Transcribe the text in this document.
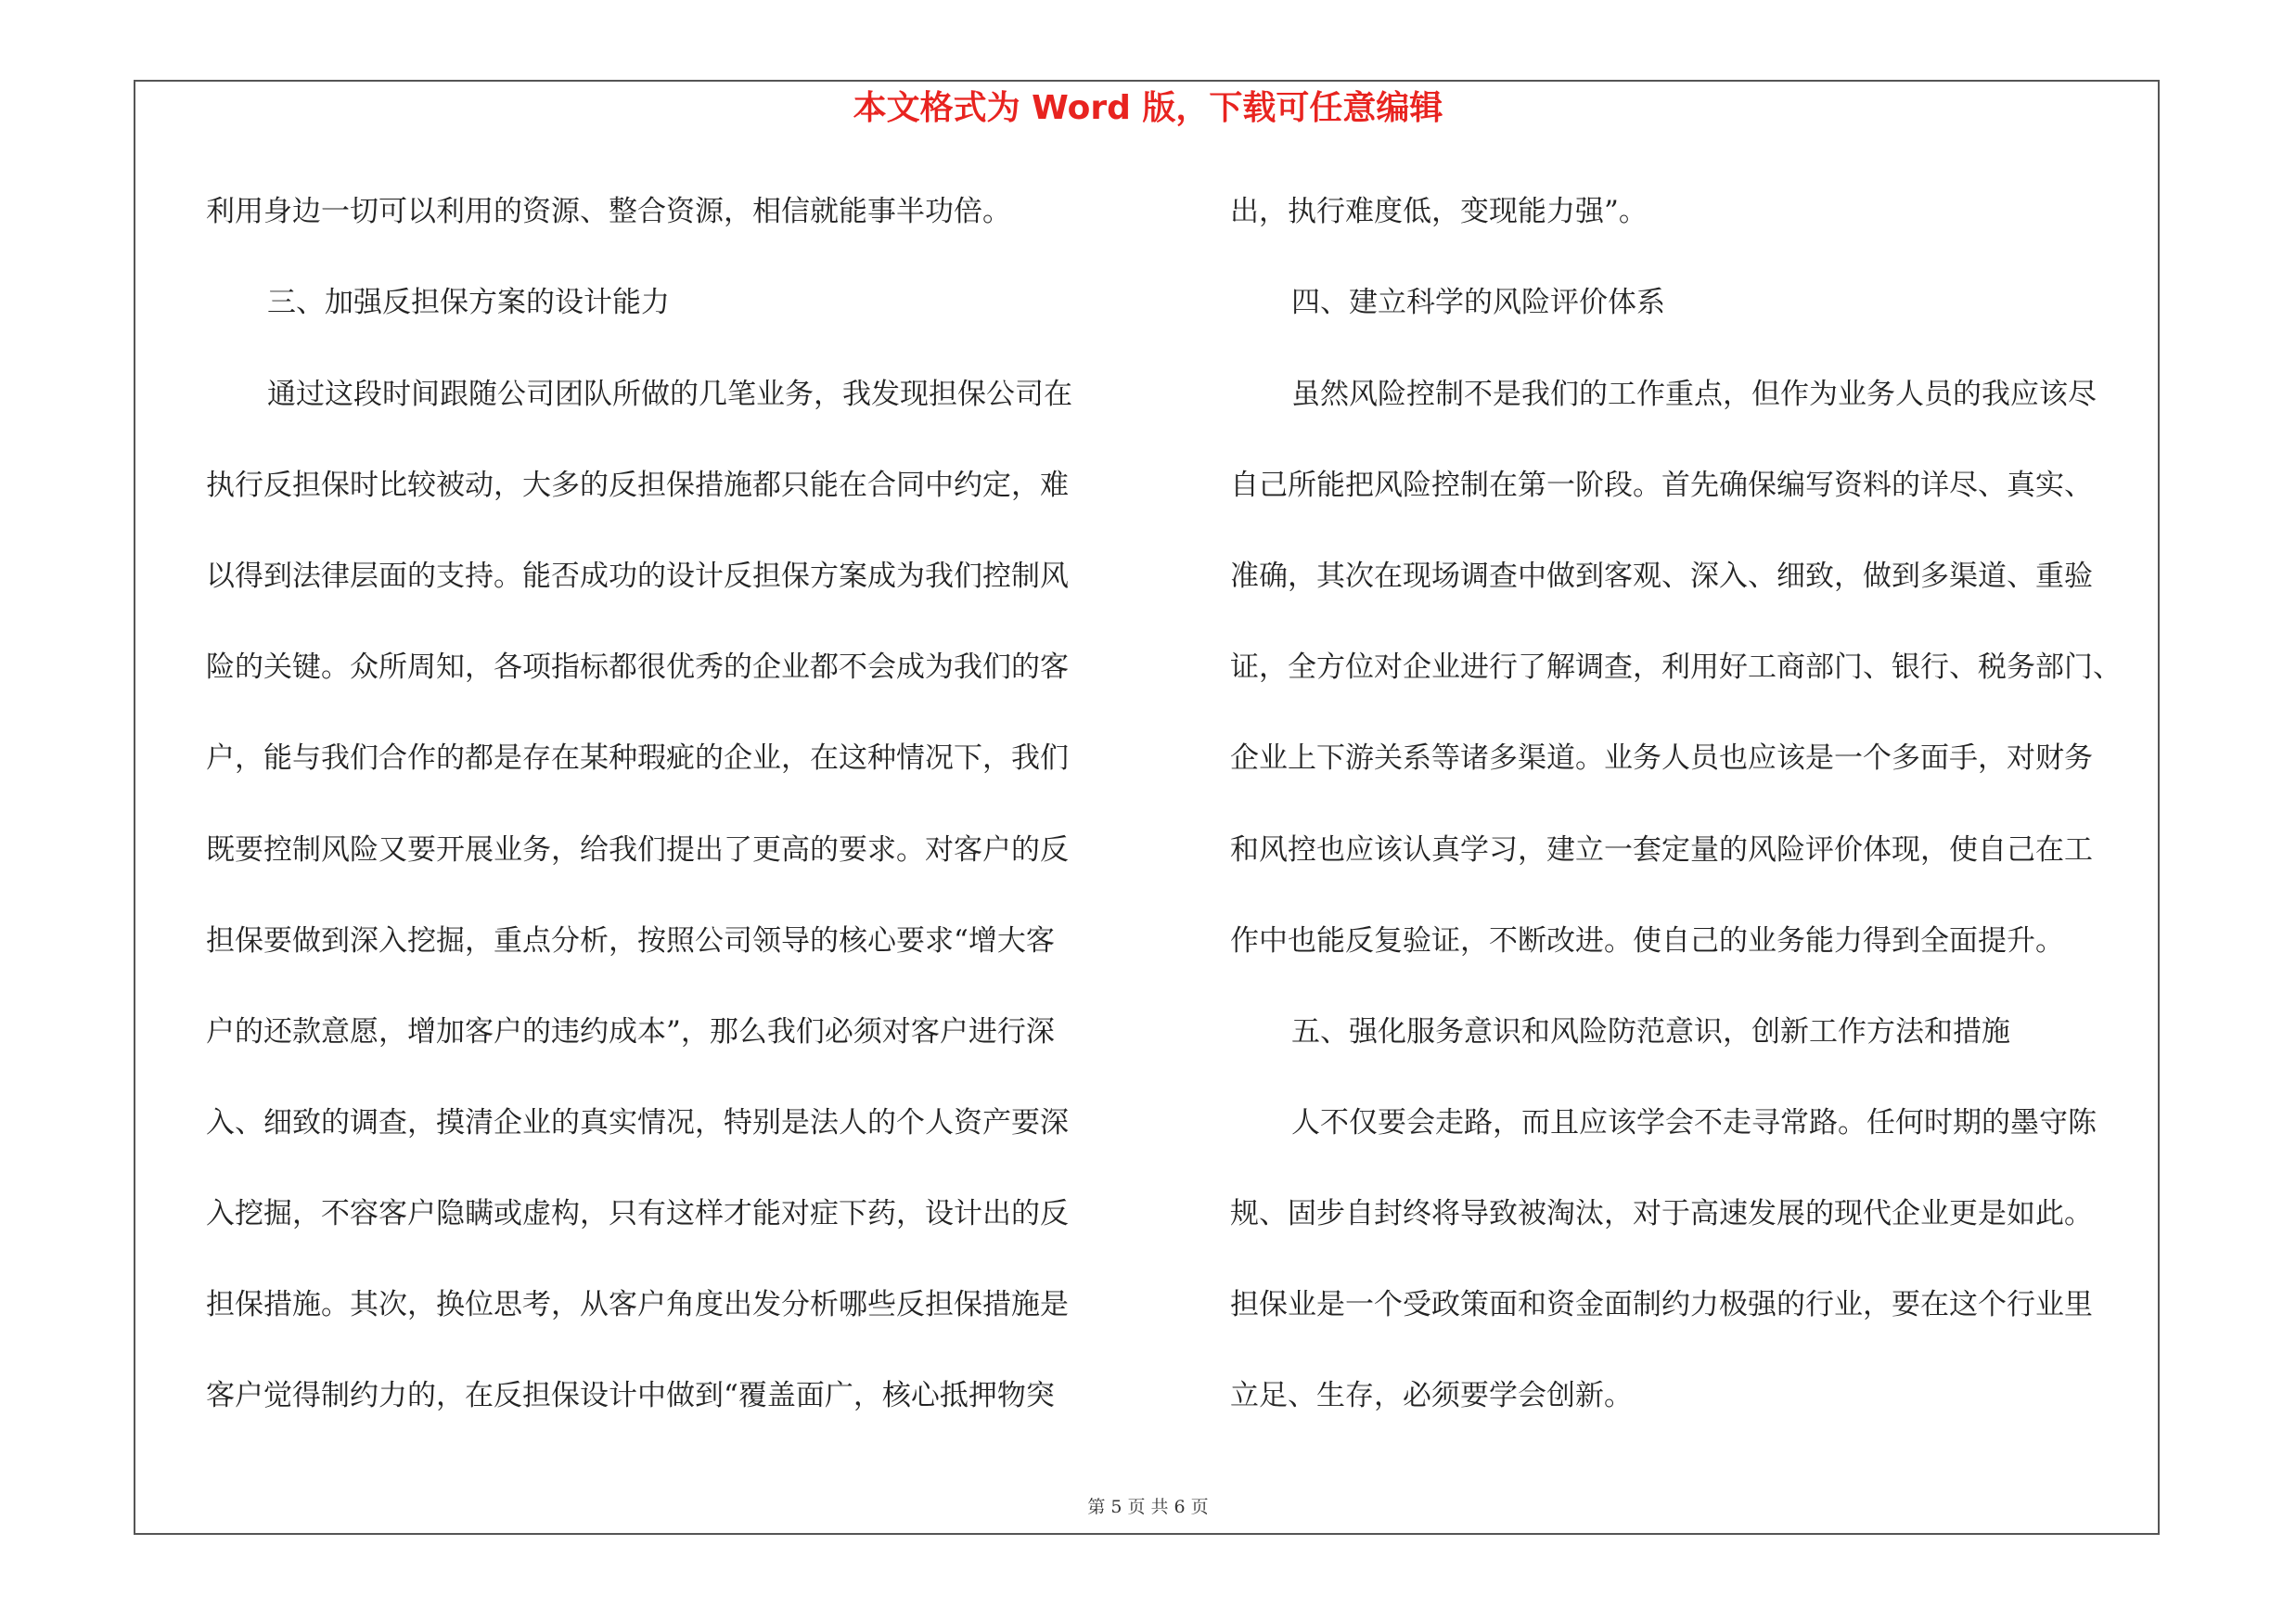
本文格式为 Word 版，下载可任意编辑
利用身边一切可以利用的资源、整合资源，相信就能事半功倍。
三、加强反担保方案的设计能力
通过这段时间跟随公司团队所做的几笔业务，我发现担保公司在
执行反担保时比较被动，大多的反担保措施都只能在合同中约定，难
以得到法律层面的支持。能否成功的设计反担保方案成为我们控制风
险的关键。众所周知，各项指标都很优秀的企业都不会成为我们的客
户，能与我们合作的都是存在某种瑕疵的企业，在这种情况下，我们
既要控制风险又要开展业务，给我们提出了更高的要求。对客户的反
担保要做到深入挖掘，重点分析，按照公司领导的核心要求“增大客
户的还款意愿，增加客户的违约成本”，那么我们必须对客户进行深
入、细致的调查，摸清企业的真实情况，特别是法人的个人资产要深
入挖掘，不容客户隐瞒或虚构，只有这样才能对症下药，设计出的反
担保措施。其次，换位思考，从客户角度出发分析哪些反担保措施是
客户觉得制约力的，在反担保设计中做到“覆盖面广，核心抵押物突
出，执行难度低，变现能力强”。
四、建立科学的风险评价体系
虽然风险控制不是我们的工作重点，但作为业务人员的我应该尽
自己所能把风险控制在第一阶段。首先确保编写资料的详尽、真实、
准确，其次在现场调查中做到客观、深入、细致，做到多渠道、重验
证，全方位对企业进行了解调查，利用好工商部门、银行、税务部门、
企业上下游关系等诸多渠道。业务人员也应该是一个多面手，对财务
和风控也应该认真学习，建立一套定量的风险评价体现，使自己在工
作中也能反复验证，不断改进。使自己的业务能力得到全面提升。
五、强化服务意识和风险防范意识，创新工作方法和措施
人不仅要会走路，而且应该学会不走寻常路。任何时期的墨守陈
规、固步自封终将导致被淘汰，对于高速发展的现代企业更是如此。
担保业是一个受政策面和资金面制约力极强的行业，要在这个行业里
立足、生存，必须要学会创新。
第 5 页 共 6 页
